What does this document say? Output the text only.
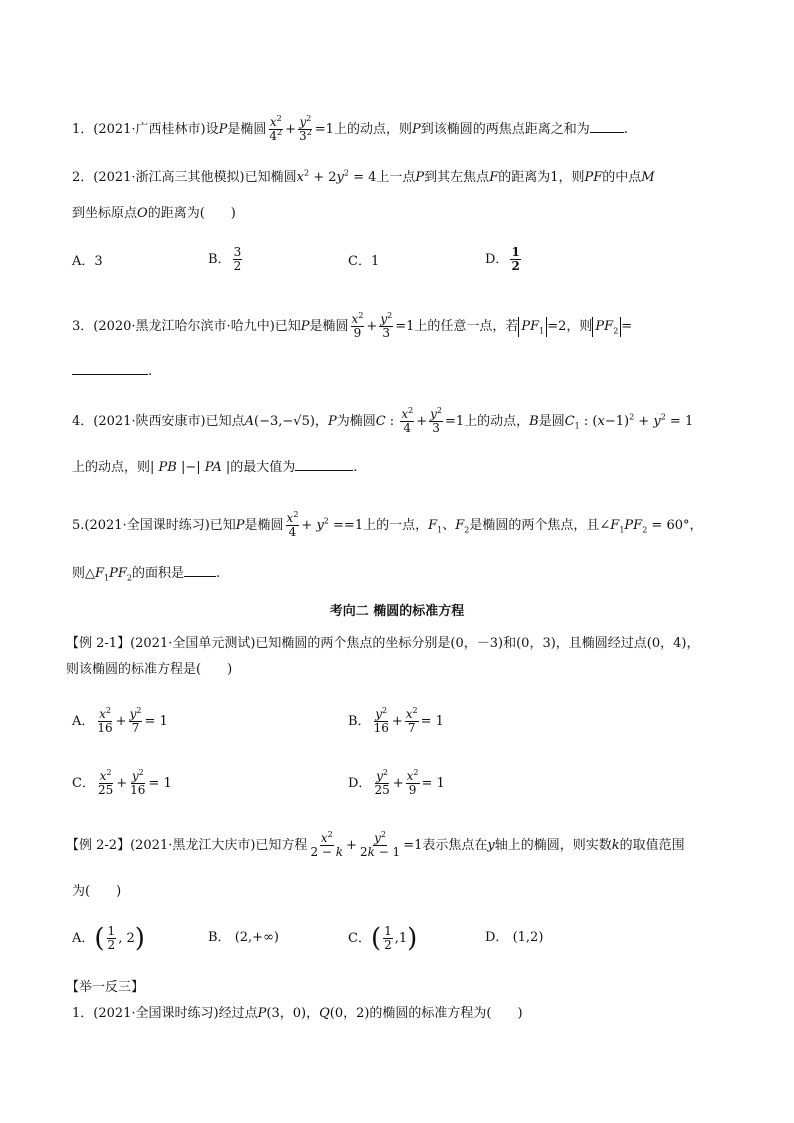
1．(2021·广西桂林市)设P是椭圆 $\frac{x^2}{4^2} + \frac{y^2}{3^2} =1$上的动点，则P到该椭圆的两焦点距离之和为	.
2．(2021·浙江高三其他模拟)已知椭圆$x^2 + 2y^2 = 4$上一点P到其左焦点F的距离为1，则PF的中点M
到坐标原点O的距离为(　　)
A．3	B． $\frac{3}{2}$	C．1	D． $\frac{1}{2}$
3．(2020·黑龙江哈尔滨市·哈九中)已知P是椭圆 $\frac{x^2}{9} + \frac{y^2}{3} =1$上的任意一点，若 $PF_1 =2$，则 $PF_2$ =
.
4．(2021·陕西安康市)已知点A(−3,−√5)，P为椭圆C : $\frac{x^2}{4} + \frac{y^2}{3} =1$上的动点，B是圆$C_1$ : $(x-1)^2 + y^2 = 1$
上的动点，则| PB |−| PA |的最大值为	.
5.(2021·全国课时练习)已知P是椭圆 $\frac{x^2}{4} + y^2 ==1$上的一点，$F_1$、$F_2$是椭圆的两个焦点，且$\angle F_1PF_2 = 60^\circ$，
则$\triangle F_1PF_2$的面积是 .
考向二 椭圆的标准方程
【例 2-1】(2021·全国单元测试)已知椭圆的两个焦点的坐标分别是(0，－3)和(0，3)，且椭圆经过点(0，4)，
则该椭圆的标准方程是(　　)
A． $\frac{x^2}{16} + \frac{y^2}{7} = 1$	B． $\frac{y^2}{16} + \frac{x^2}{7} = 1$
C． $\frac{x^2}{25} + \frac{y^2}{16} = 1$	D． $\frac{y^2}{25} + \frac{x^2}{9} = 1$
【例 2-2】(2021·黑龙江大庆市)已知方程 $\frac{x^2}{2 - k} + \frac{y^2}{2k - 1} =1$表示焦点在y轴上的椭圆，则实数k的取值范围
为(　　)
A．( $\frac{1}{2}$ , 2)	B． (2,+∞)	C．( $\frac{1}{2} ,1$)	D． (1,2)
【举一反三】
1．(2021·全国课时练习)经过点P(3，0)，Q(0，2)的椭圆的标准方程为(　　)
